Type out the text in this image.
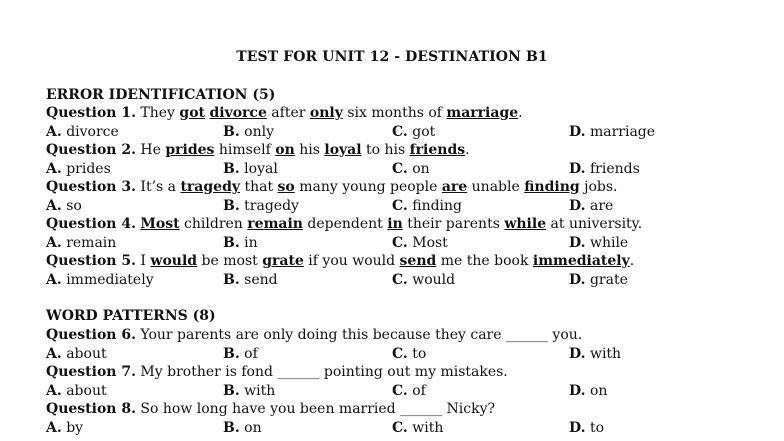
TEST FOR UNIT 12 - DESTINATION B1
ERROR IDENTIFICATION (5)
Question 1. They got divorce after only six months of marriage.
A. divorce	B. only	C. got	D. marriage
Question 2. He prides himself on his loyal to his friends.
A. prides	B. loyal	C. on	D. friends
Question 3. It’s a tragedy that so many young people are unable finding jobs.
A. so	B. tragedy	C. finding	D. are
Question 4. Most children remain dependent in their parents while at university.
A. remain	B. in	C. Most	D. while
Question 5. I would be most grate if you would send me the book immediately.
A. immediately	B. send	C. would	D. grate
WORD PATTERNS (8)
Question 6. Your parents are only doing this because they care ______ you.
A. about	B. of	C. to	D. with
Question 7. My brother is fond ______ pointing out my mistakes.
A. about	B. with	C. of	D. on
Question 8. So how long have you been married ______ Nicky?
A. by	B. on	C. with	D. to
